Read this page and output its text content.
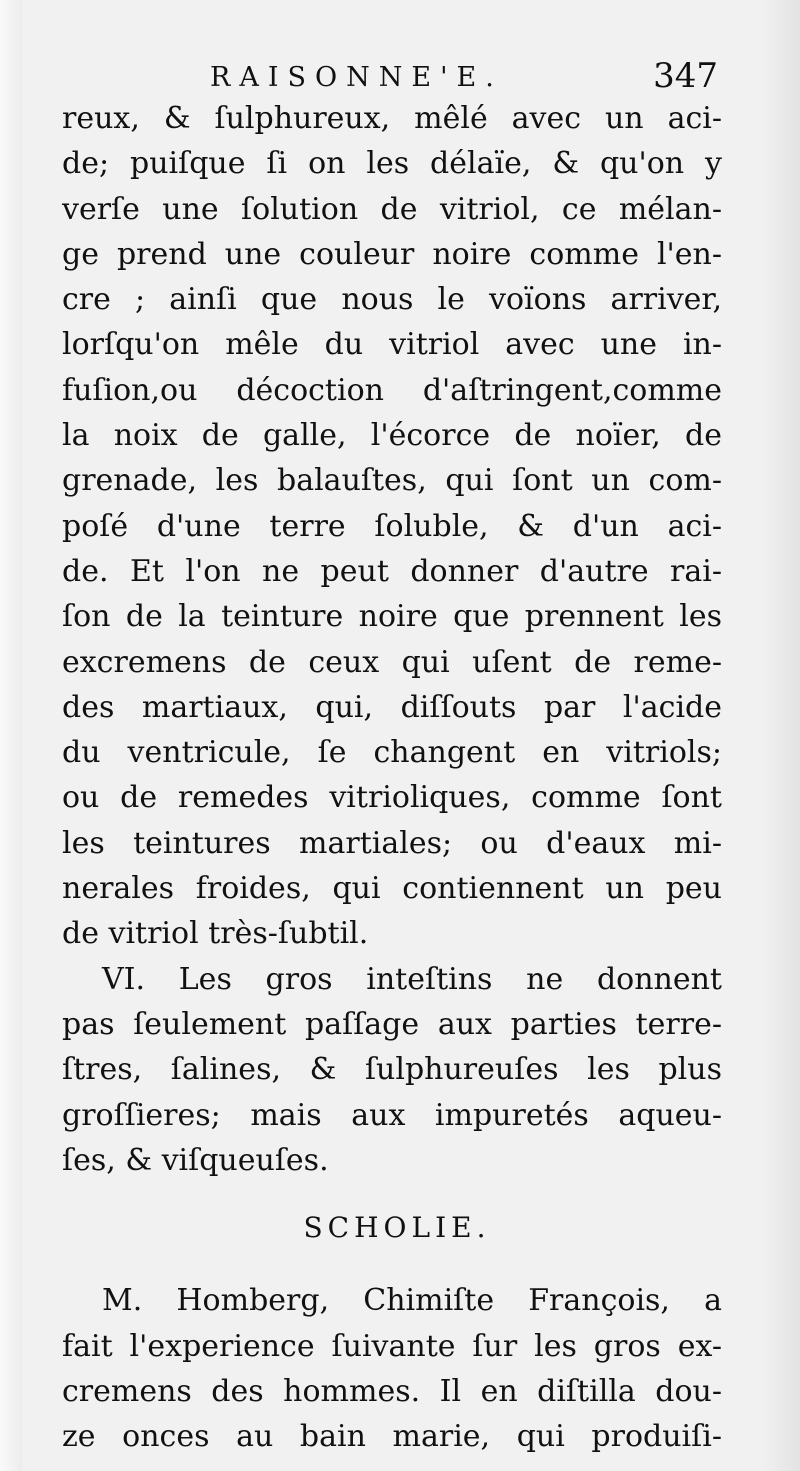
RAISONNE'E.	347
reux, & ſulphureux, mêlé avec un aci-
de; puiſque ſi on les délaïe, & qu'on y
verſe une ſolution de vitriol, ce mélan-
ge prend une couleur noire comme l'en-
cre ; ainſi que nous le voïons arriver,
lorſqu'on mêle du vitriol avec une in-
fuſion,ou décoction d'aſtringent,comme
la noix de galle, l'écorce de noïer, de
grenade, les balauſtes, qui ſont un com-
poſé d'une terre ſoluble, & d'un aci-
de. Et l'on ne peut donner d'autre rai-
ſon de la teinture noire que prennent les
excremens de ceux qui uſent de reme-
des martiaux, qui, diſſouts par l'acide
du ventricule, ſe changent en vitriols;
ou de remedes vitrioliques, comme ſont
les teintures martiales; ou d'eaux mi-
nerales froides, qui contiennent un peu
de vitriol très-ſubtil.
VI. Les gros inteſtins ne donnent
pas ſeulement paſſage aux parties terre-
ſtres, ſalines, & ſulphureuſes les plus
groſſieres; mais aux impuretés aqueu-
ſes, & viſqueuſes.
SCHOLIE.
M. Homberg, Chimiſte François, a
fait l'experience ſuivante ſur les gros ex-
cremens des hommes. Il en diſtilla dou-
ze onces au bain marie, qui produiſi-
